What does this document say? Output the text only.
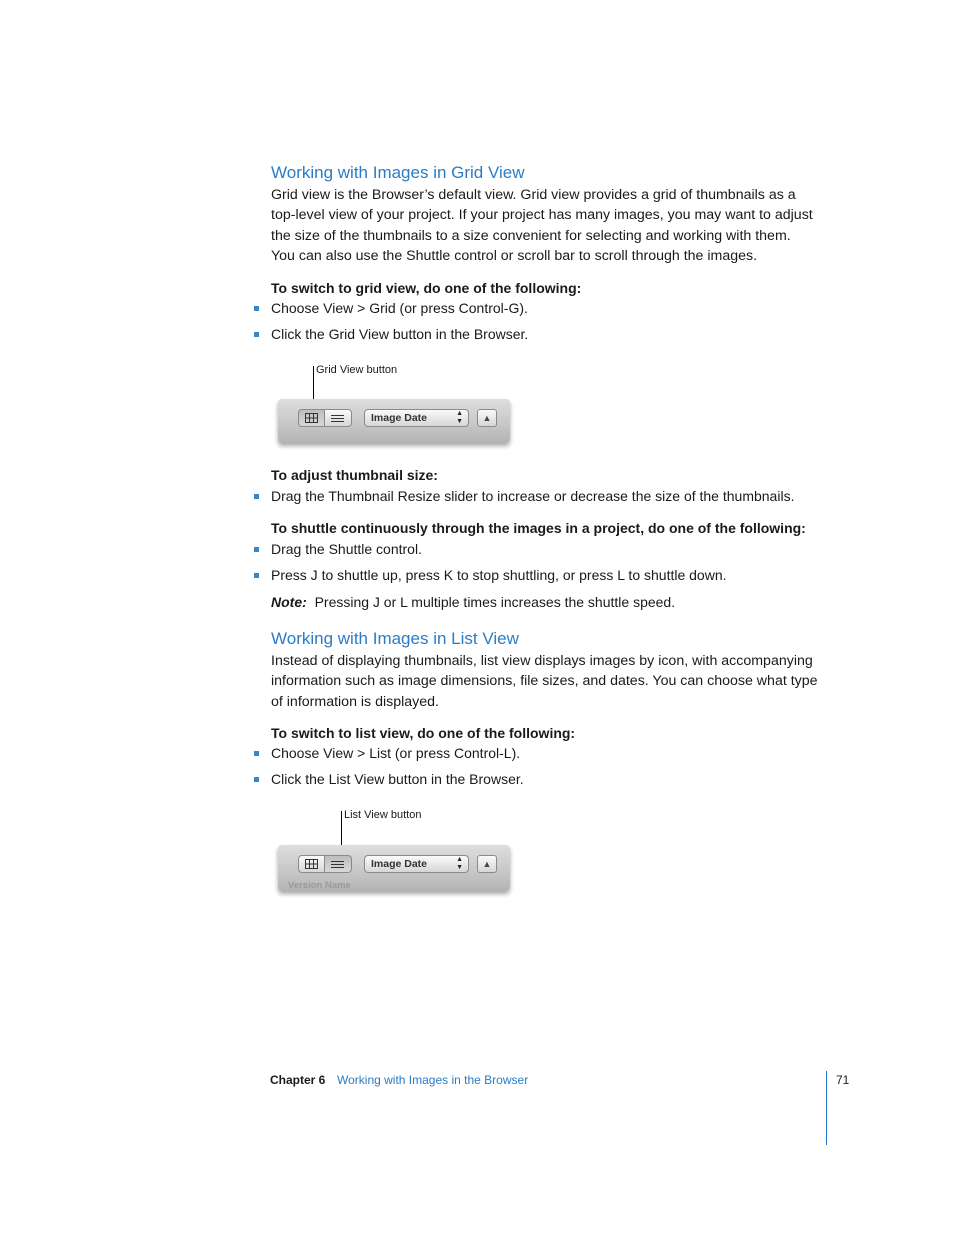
Working with Images in Grid View
Grid view is the Browser’s default view. Grid view provides a grid of thumbnails as a
top-level view of your project. If your project has many images, you may want to adjust
the size of the thumbnails to a size convenient for selecting and working with them.
You can also use the Shuttle control or scroll bar to scroll through the images.
To switch to grid view, do one of the following:
Choose View > Grid (or press Control-G).
Click the Grid View button in the Browser.
Grid View button
Image Date	▲
▼	▲
To adjust thumbnail size:
Drag the Thumbnail Resize slider to increase or decrease the size of the thumbnails.
To shuttle continuously through the images in a project, do one of the following:
Drag the Shuttle control.
Press J to shuttle up, press K to stop shuttling, or press L to shuttle down.
Note: Pressing J or L multiple times increases the shuttle speed.
Working with Images in List View
Instead of displaying thumbnails, list view displays images by icon, with accompanying
information such as image dimensions, file sizes, and dates. You can choose what type
of information is displayed.
To switch to list view, do one of the following:
Choose View > List (or press Control-L).
Click the List View button in the Browser.
List View button
Image Date	▲
▼	▲
Version Name
Chapter 6 Working with Images in the Browser	71
